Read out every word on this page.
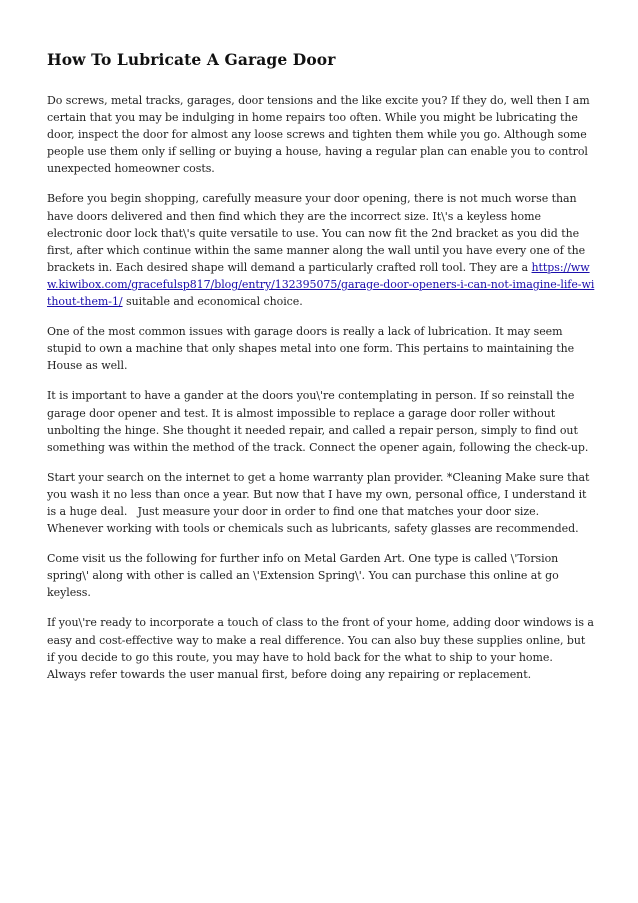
How To Lubricate A Garage Door

Do screws, metal tracks, garages, door tensions and the like excite you? If they do, well then I am certain that you may be indulging in home repairs too often. While you might be lubricating the door, inspect the door for almost any loose screws and tighten them while you go. Although some people use them only if selling or buying a house, having a regular plan can enable you to control unexpected homeowner costs.

Before you begin shopping, carefully measure your door opening, there is not much worse than have doors delivered and then find which they are the incorrect size. It\'s a keyless home electronic door lock that\'s quite versatile to use. You can now fit the 2nd bracket as you did the first, after which continue within the same manner along the wall until you have every one of the brackets in. Each desired shape will demand a particularly crafted roll tool. They are a https://www.kiwibox.com/gracefulsp817/blog/entry/132395075/garage-door-openers-i-can-not-imagine-life-without-them-1/ suitable and economical choice.

One of the most common issues with garage doors is really a lack of lubrication. It may seem stupid to own a machine that only shapes metal into one form. This pertains to maintaining the House as well.

It is important to have a gander at the doors you\'re contemplating in person. If so reinstall the garage door opener and test. It is almost impossible to replace a garage door roller without unbolting the hinge. She thought it needed repair, and called a repair person, simply to find out something was within the method of the track. Connect the opener again, following the check-up.

Start your search on the internet to get a home warranty plan provider. *Cleaning Make sure that you wash it no less than once a year. But now that I have my own, personal office, I understand it is a huge deal.   Just measure your door in order to find one that matches your door size. Whenever working with tools or chemicals such as lubricants, safety glasses are recommended.

Come visit us the following for further info on Metal Garden Art. One type is called \'Torsion spring\' along with other is called an \'Extension Spring\'. You can purchase this online at go keyless.

If you\'re ready to incorporate a touch of class to the front of your home, adding door windows is a easy and cost-effective way to make a real difference. You can also buy these supplies online, but if you decide to go this route, you may have to hold back for the what to ship to your home. Always refer towards the user manual first, before doing any repairing or replacement.
